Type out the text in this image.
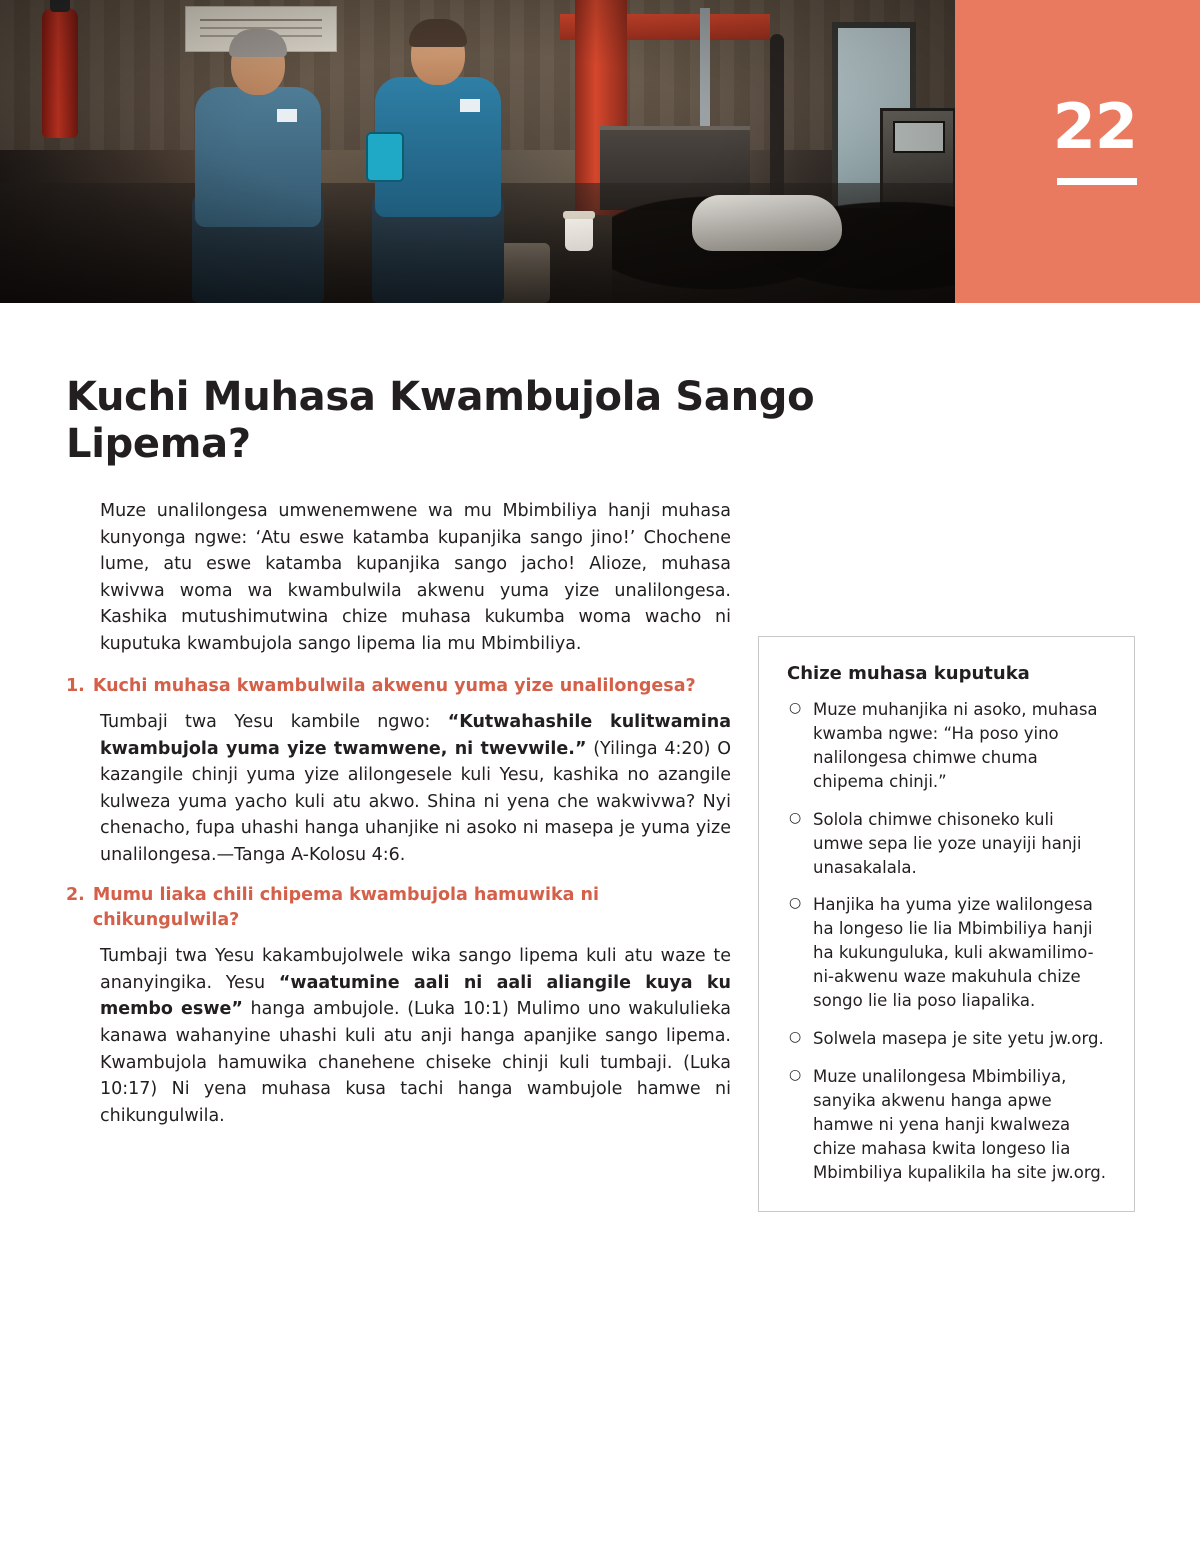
22
Kuchi Muhasa Kwambujola Sango Lipema?

Muze unalilongesa umwenemwene wa mu Mbimbiliya hanji muhasa kunyonga ngwe: ‘Atu eswe katamba kupanjika sango jino!’ Chochene lume, atu eswe katamba kupanjika sango jacho! Alioze, muhasa kwivwa woma wa kwambulwila akwenu yuma yize unalilongesa. Kashika mutushimutwina chize muhasa kukumba woma wacho ni kuputuka kwambujola sango lipema lia mu Mbimbiliya.

1. Kuchi muhasa kwambulwila akwenu yuma yize unalilongesa?

Tumbaji twa Yesu kambile ngwo: “Kutwahashile kulitwamina kwambujola yuma yize twamwene, ni twevwile.” (Yilinga 4:20) O kazangile chinji yuma yize alilongesele kuli Yesu, kashika no azangile kulweza yuma yacho kuli atu akwo. Shina ni yena che wakwivwa? Nyi chenacho, fupa uhashi hanga uhanjike ni asoko ni masepa je yuma yize unalilongesa.—Tanga A-Kolosu 4:6.

2. Mumu liaka chili chipema kwambujola hamuwika ni chikungulwila?

Tumbaji twa Yesu kakambujolwele wika sango lipema kuli atu waze te ananyingika. Yesu “waatumine aali ni aali aliangile kuya ku membo eswe” hanga ambujole. (Luka 10:1) Mulimo uno wakululieka kanawa wahanyine uhashi kuli atu anji hanga apanjike sango lipema. Kwambujola hamuwika chanehene chiseke chinji kuli tumbaji. (Luka 10:17) Ni yena muhasa kusa tachi hanga wambujole hamwe ni chikungulwila.

Chize muhasa kuputuka
○ Muze muhanjika ni asoko, muhasa kwamba ngwe: “Ha poso yino nalilongesa chimwe chuma chipema chinji.”
○ Solola chimwe chisoneko kuli umwe sepa lie yoze unayiji hanji unasakalala.
○ Hanjika ha yuma yize walilongesa ha longeso lie lia Mbimbiliya hanji ha kukunguluka, kuli akwamilimo-ni-akwenu waze makuhula chize songo lie lia poso liapalika.
○ Solwela masepa je site yetu jw.org.
○ Muze unalilongesa Mbimbiliya, sanyika akwenu hanga apwe hamwe ni yena hanji kwalweza chize mahasa kwita longeso lia Mbimbiliya kupalikila ha site jw.org.
